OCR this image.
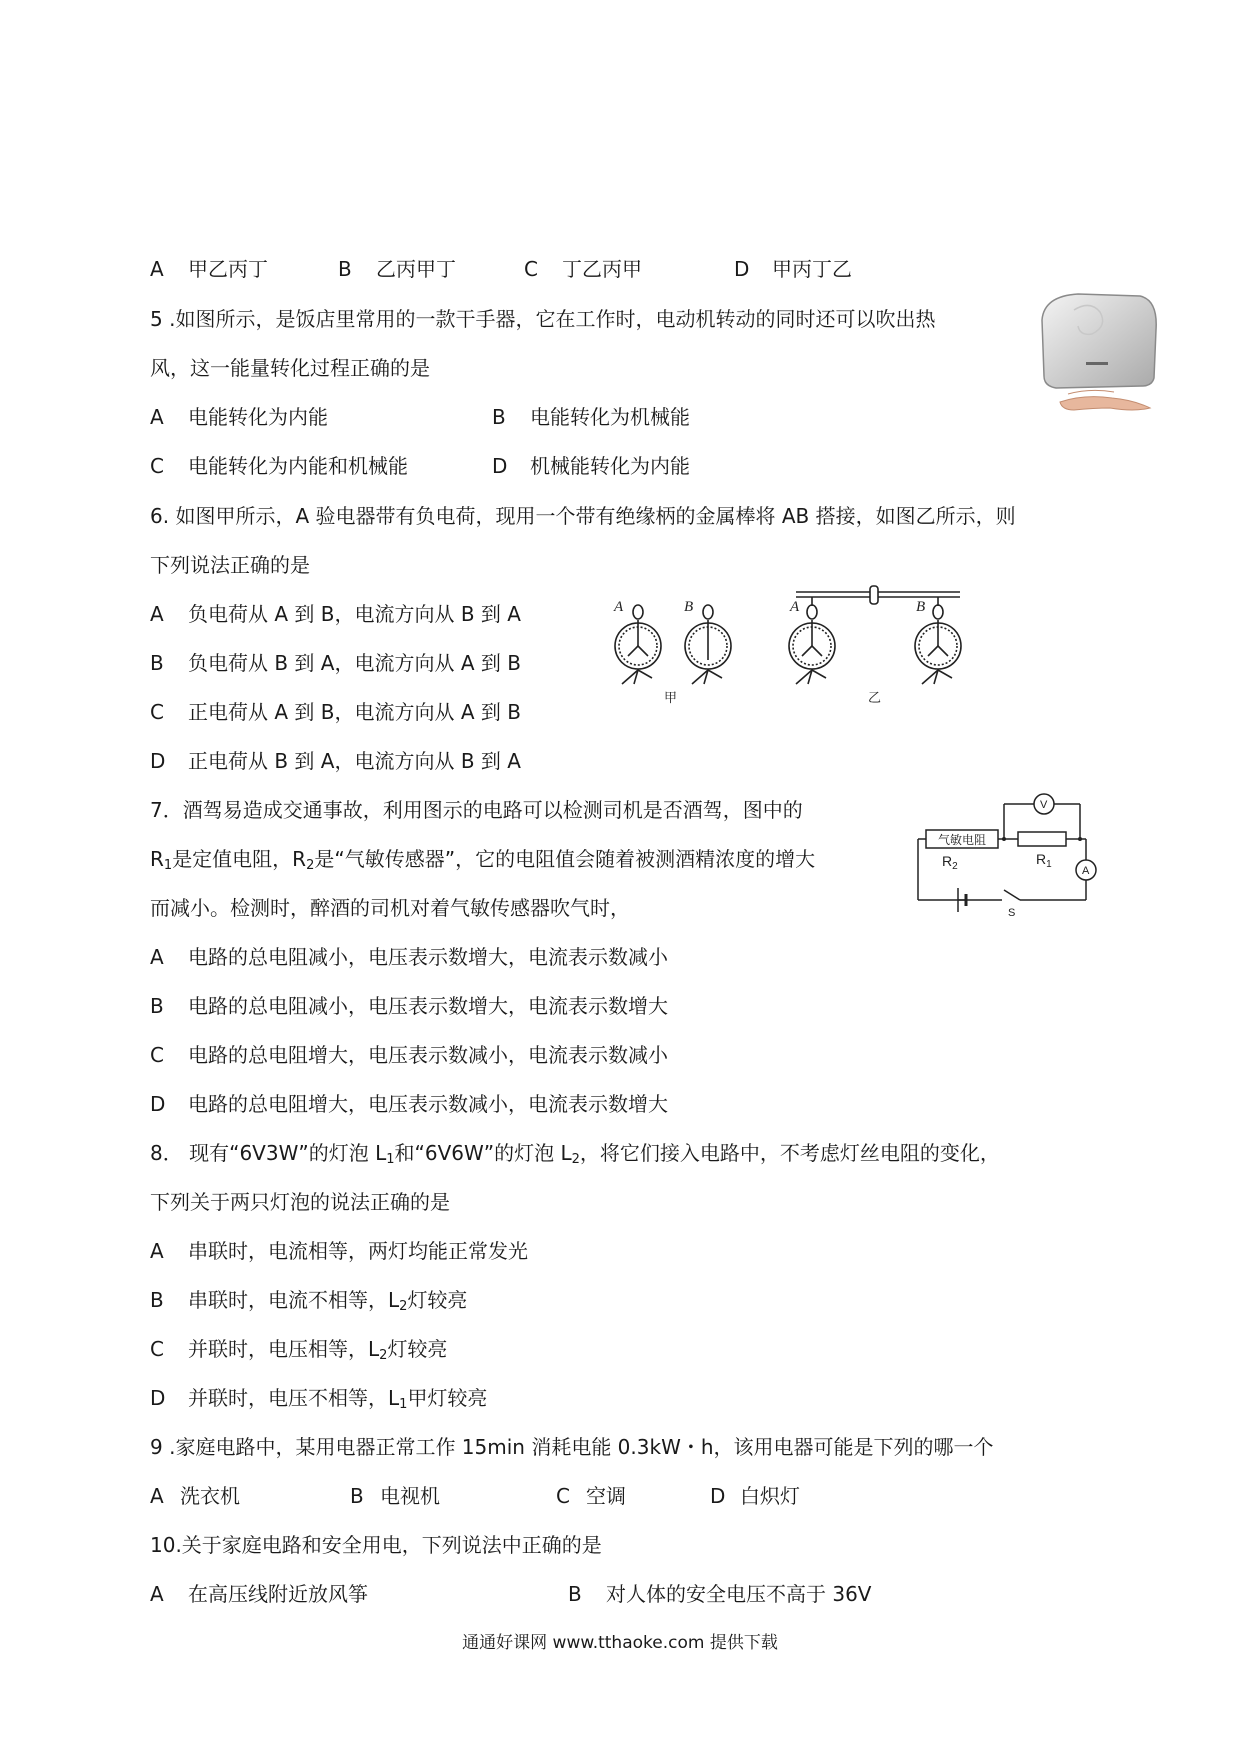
A 甲乙丙丁	B 乙丙甲丁	C 丁乙丙甲	D 甲丙丁乙
5 .如图所示，是饭店里常用的一款干手器，它在工作时，电动机转动的同时还可以吹出热
风，这一能量转化过程正确的是
A 电能转化为内能	B 电能转化为机械能
C 电能转化为内能和机械能	D 机械能转化为内能
6. 如图甲所示，A 验电器带有负电荷，现用一个带有绝缘柄的金属棒将 AB 搭接，如图乙所示，则
下列说法正确的是
A 负电荷从 A 到 B，电流方向从 B 到 A
B 负电荷从 B 到 A，电流方向从 A 到 B
C 正电荷从 A 到 B，电流方向从 A 到 B
D 正电荷从 B 到 A，电流方向从 B 到 A
A	B	A	B
甲	乙
7．酒驾易造成交通事故，利用图示的电路可以检测司机是否酒驾，图中的
$R_1$是定值电阻，$R_2$是“气敏传感器”，它的电阻值会随着被测酒精浓度的增大
而减小。检测时，醉酒的司机对着气敏传感器吹气时，
A 电路的总电阻减小，电压表示数增大，电流表示数减小
B 电路的总电阻减小，电压表示数增大，电流表示数增大
C 电路的总电阻增大，电压表示数减小，电流表示数减小
D 电路的总电阻增大，电压表示数减小，电流表示数增大
气敏电阻
V
A
$R_2$	$R_1$
S
8． 现有“6V3W”的灯泡 $L_1$和“6V6W”的灯泡 $L_2$，将它们接入电路中，不考虑灯丝电阻的变化，
下列关于两只灯泡的说法正确的是
A 串联时，电流相等，两灯均能正常发光
B 串联时，电流不相等，$L_2$灯较亮
C 并联时，电压相等，$L_2$灯较亮
D 并联时，电压不相等，$L_1$甲灯较亮
9 .家庭电路中，某用电器正常工作 15min 消耗电能 0.3kW・h，该用电器可能是下列的哪一个
A 洗衣机	B 电视机	C 空调	D 白炽灯
10.关于家庭电路和安全用电，下列说法中正确的是
A 在高压线附近放风筝	B 对人体的安全电压不高于 36V
通通好课网 www.tthaoke.com 提供下载
